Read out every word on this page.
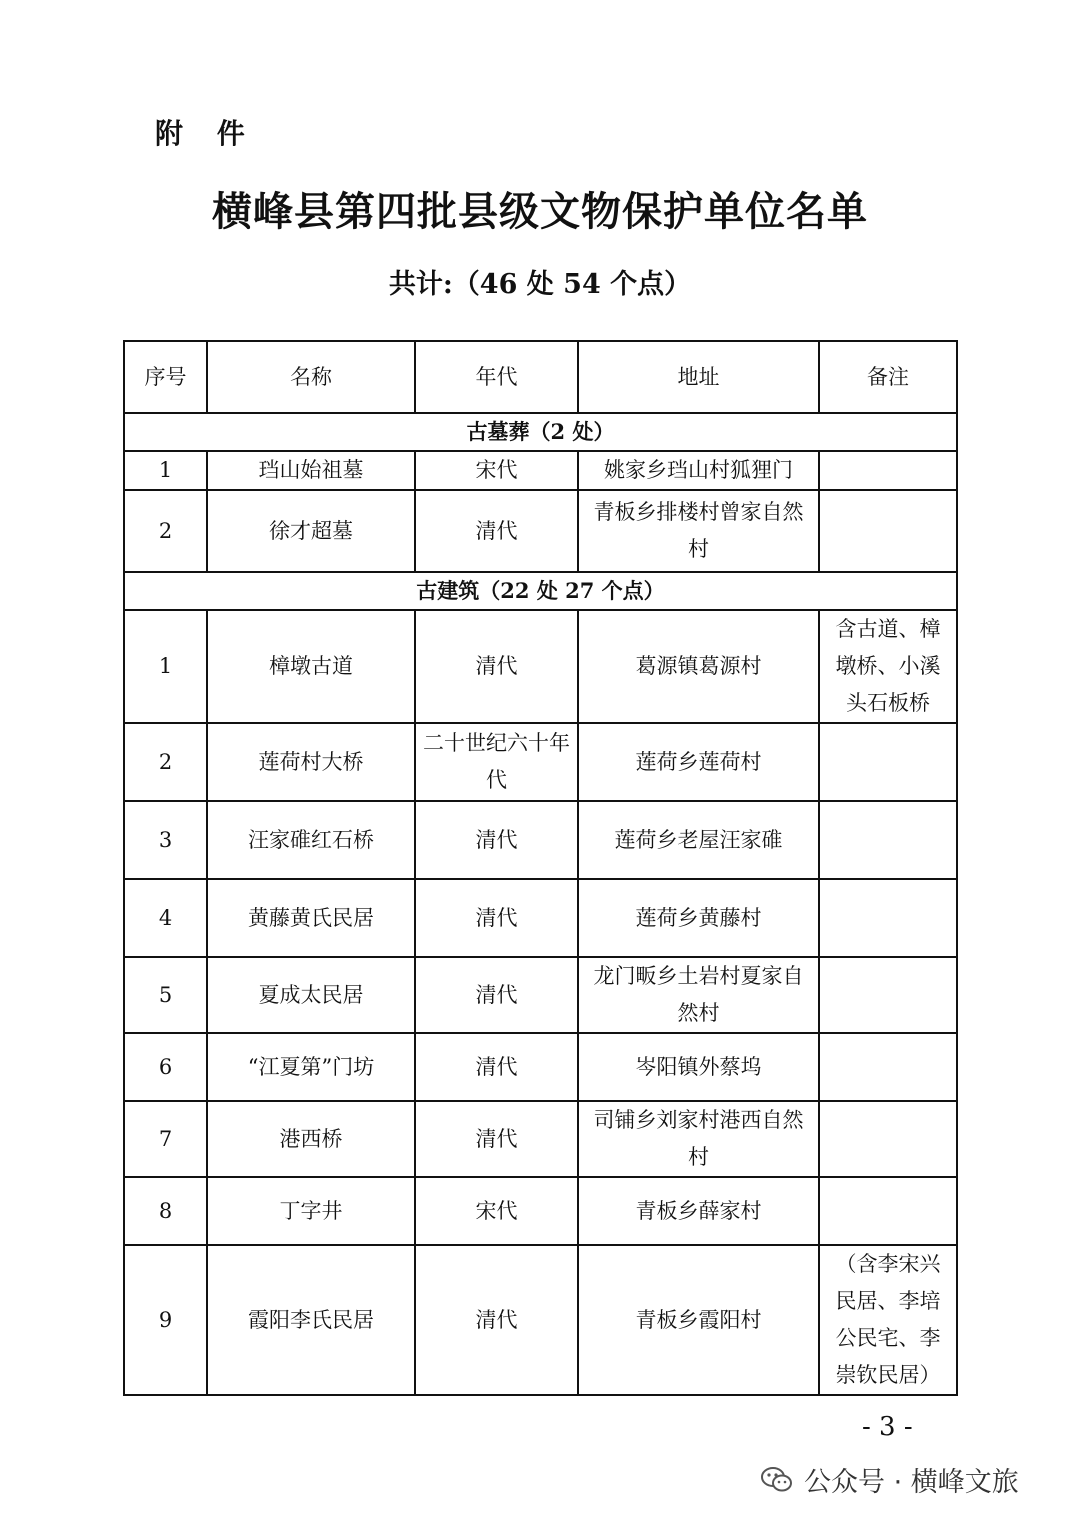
附 件
横峰县第四批县级文物保护单位名单
共计:（46 处 54 个点）
序号	名称	年代	地址	备注
古墓葬（2 处）				
1	珰山始祖墓	宋代	姚家乡珰山村狐狸门	
2	徐才超墓	清代	青板乡排楼村曾家自然村	
古建筑（22 处 27 个点）				
1	樟墩古道	清代	葛源镇葛源村	含古道、樟墩桥、小溪头石板桥
2	莲荷村大桥	二十世纪六十年代	莲荷乡莲荷村	
3	汪家碓红石桥	清代	莲荷乡老屋汪家碓	
4	黄藤黄氏民居	清代	莲荷乡黄藤村	
5	夏成太民居	清代	龙门畈乡土岩村夏家自然村	
6	“江夏第”门坊	清代	岑阳镇外蔡坞	
7	港西桥	清代	司铺乡刘家村港西自然村	
8	丁字井	宋代	青板乡薛家村	
9	霞阳李氏民居	清代	青板乡霞阳村	（含李宋兴民居、李培公民宅、李崇钦民居）
- 3 -
公众号 · 横峰文旅
